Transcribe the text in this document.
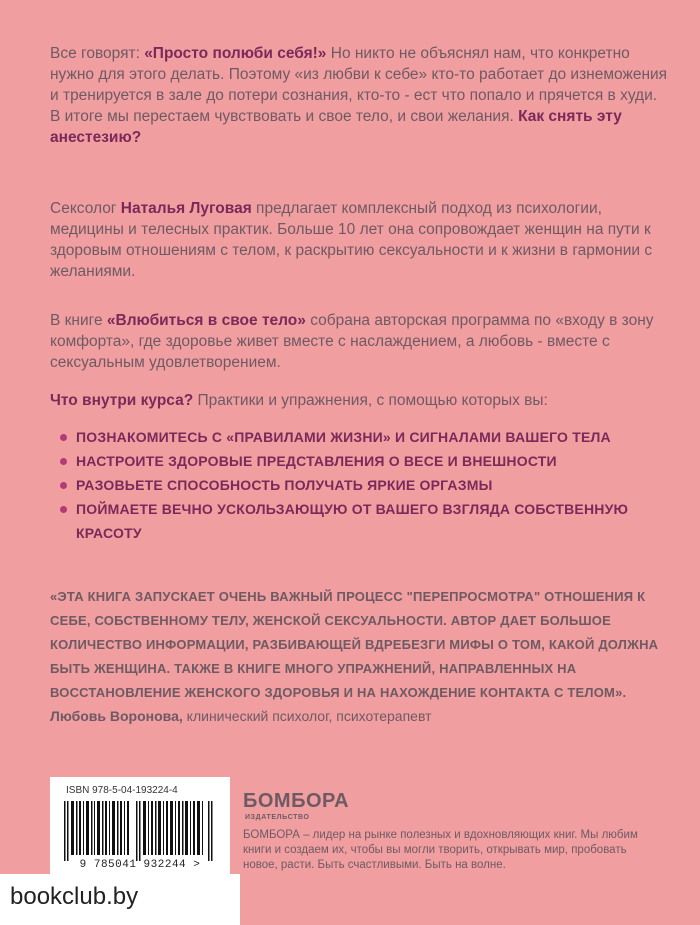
Все говорят: «Просто полюби себя!» Но никто не объяснял нам, что конкретно нужно для этого делать. Поэтому «из любви к себе» кто-то работает до изнеможения и тренируется в зале до потери сознания, кто-то - ест что попало и прячется в худи. В итоге мы перестаем чувствовать и свое тело, и свои желания. Как снять эту анестезию?

Сексолог Наталья Луговая предлагает комплексный подход из психологии, медицины и телесных практик. Больше 10 лет она сопровождает женщин на пути к здоровым отношениям с телом, к раскрытию сексуальности и к жизни в гармонии с желаниями.

В книге «Влюбиться в свое тело» собрана авторская программа по «входу в зону комфорта», где здоровье живет вместе с наслаждением, а любовь - вместе с сексуальным удовлетворением.

Что внутри курса? Практики и упражнения, с помощью которых вы:

ПОЗНАКОМИТЕСЬ С «ПРАВИЛАМИ ЖИЗНИ» И СИГНАЛАМИ ВАШЕГО ТЕЛА
НАСТРОИТЕ ЗДОРОВЫЕ ПРЕДСТАВЛЕНИЯ О ВЕСЕ И ВНЕШНОСТИ
РАЗОВЬЕТЕ СПОСОБНОСТЬ ПОЛУЧАТЬ ЯРКИЕ ОРГАЗМЫ
ПОЙМАЕТЕ ВЕЧНО УСКОЛЬЗАЮЩУЮ ОТ ВАШЕГО ВЗГЛЯДА СОБСТВЕННУЮ КРАСОТУ

«ЭТА КНИГА ЗАПУСКАЕТ ОЧЕНЬ ВАЖНЫЙ ПРОЦЕСС "ПЕРЕПРОСМОТРА" ОТНОШЕНИЯ К СЕБЕ, СОБСТВЕННОМУ ТЕЛУ, ЖЕНСКОЙ СЕКСУАЛЬНОСТИ. АВТОР ДАЕТ БОЛЬШОЕ КОЛИЧЕСТВО ИНФОРМАЦИИ, РАЗБИВАЮЩЕЙ ВДРЕБЕЗГИ МИФЫ О ТОМ, КАКОЙ ДОЛЖНА БЫТЬ ЖЕНЩИНА. ТАКЖЕ В КНИГЕ МНОГО УПРАЖНЕНИЙ, НАПРАВЛЕННЫХ НА ВОССТАНОВЛЕНИЕ ЖЕНСКОГО ЗДОРОВЬЯ И НА НАХОЖДЕНИЕ КОНТАКТА С ТЕЛОМ».

Любовь Воронова, клинический психолог, психотерапевт
ISBN 978-5-04-193224-4
9 785041 932244 >
БОМБОРА
ИЗДАТЕЛЬСТВО

БОМБОРА – лидер на рынке полезных и вдохновляющих книг. Мы любим книги и создаем их, чтобы вы могли творить, открывать мир, пробовать новое, расти. Быть счастливыми. Быть на волне.

bookclub.by
